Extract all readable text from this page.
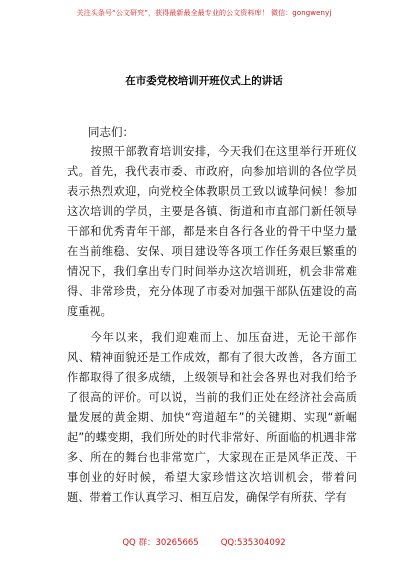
关注头条号“公文研究”，获得最新最全最专业的公文资料库！ 微信：gongwenyj
在市委党校培训开班仪式上的讲话
同志们：

按照干部教育培训安排，今天我们在这里举行开班仪式。首先，我代表市委、市政府，向参加培训的各位学员表示热烈欢迎，向党校全体教职员工致以诚挚问候！参加这次培训的学员，主要是各镇、街道和市直部门新任领导干部和优秀青年干部，都是来自各行各业的骨干中坚力量在当前维稳、安保、项目建设等各项工作任务艰巨繁重的情况下，我们拿出专门时间举办这次培训班，机会非常难得、非常珍贵，充分体现了市委对加强干部队伍建设的高度重视。

今年以来，我们迎难而上、加压奋进，无论干部作风、精神面貌还是工作成效，都有了很大改善，各方面工作都取得了很多成绩，上级领导和社会各界也对我们给予了很高的评价。可以说，当前的我们正处在经济社会高质量发展的黄金期、加快“弯道超车”的关键期、实现“新崛起”的蝶变期，我们所处的时代非常好、所面临的机遇非常多、所在的舞台也非常宽广，大家现在正是风华正茂、干事创业的好时候，希望大家珍惜这次培训机会，带着问题、带着工作认真学习、相互启发，确保学有所获、学有

QQ 群：30265665	QQ:535304092
